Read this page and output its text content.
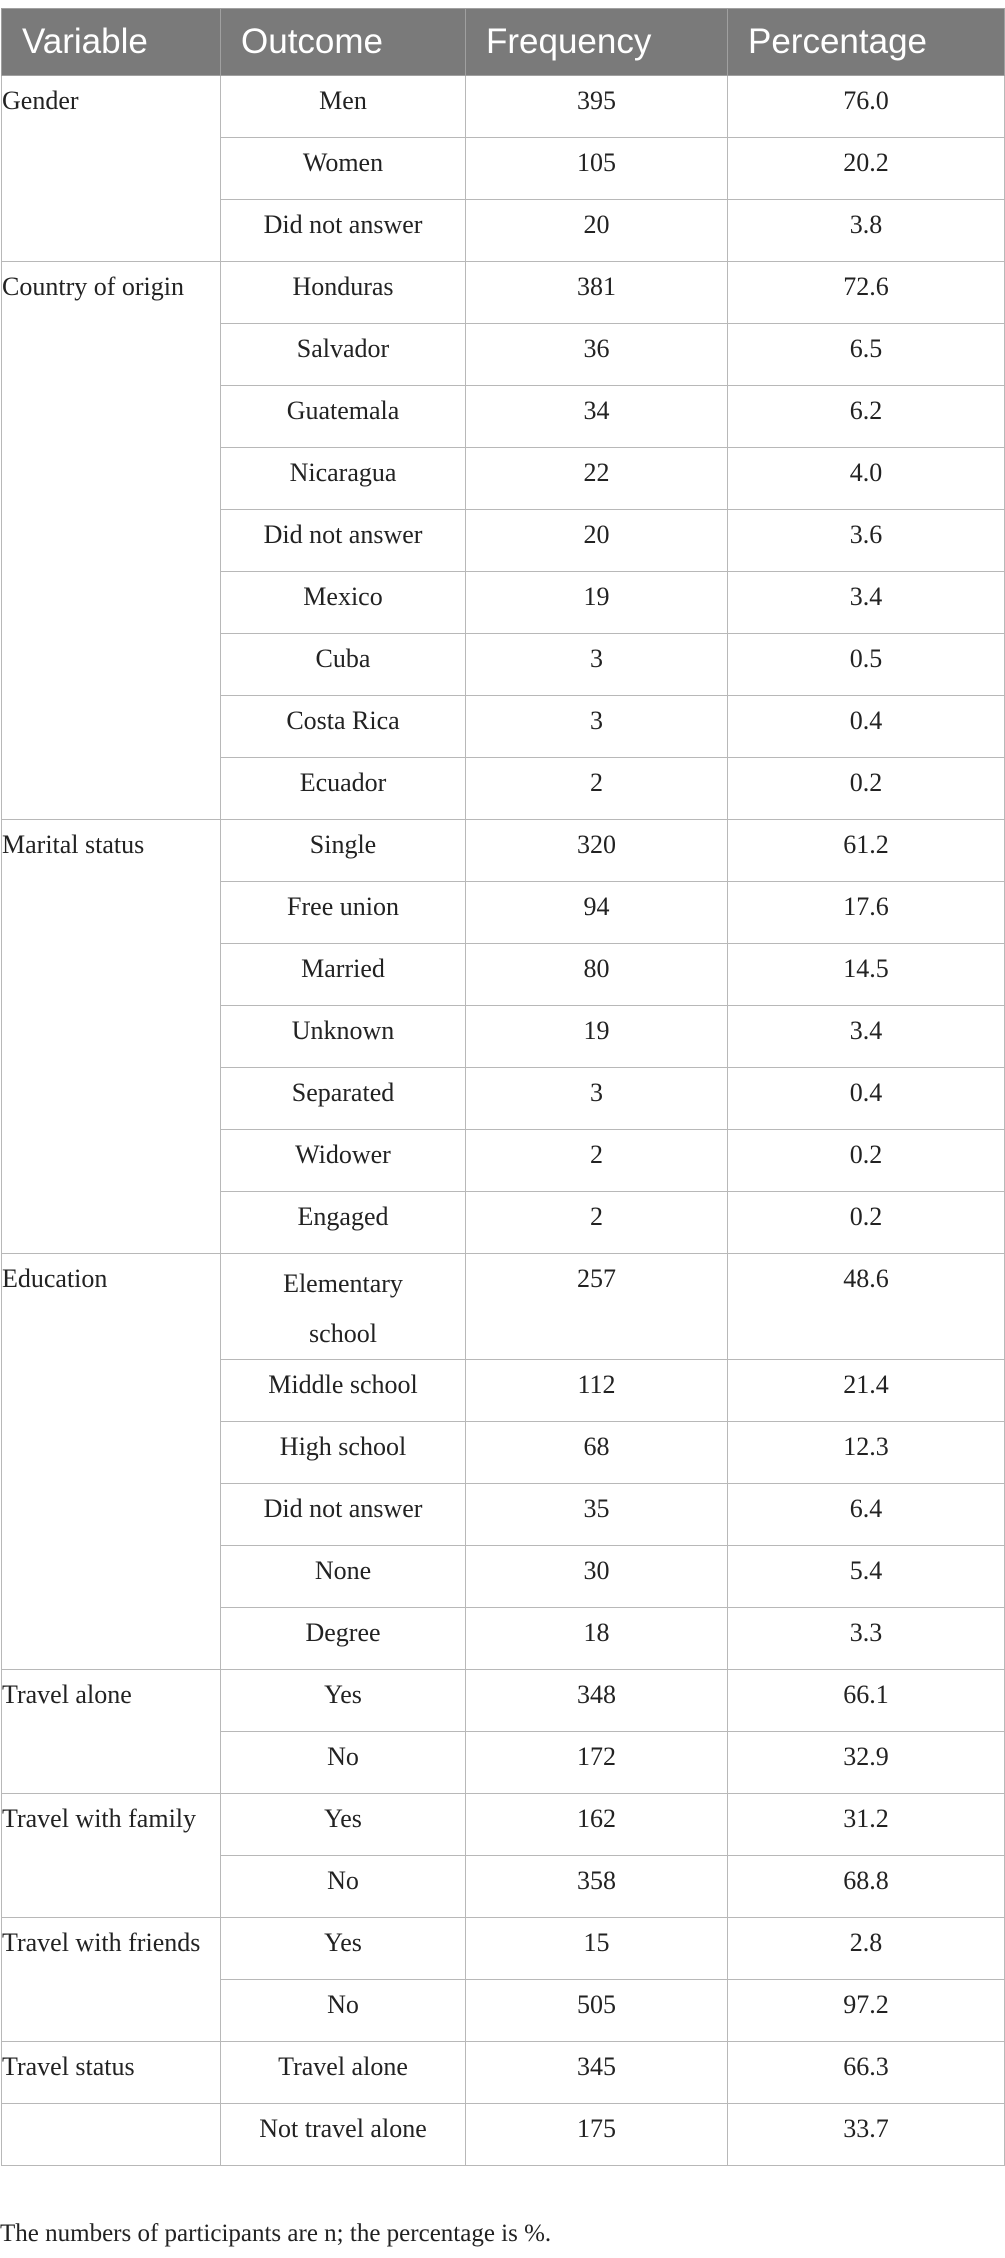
Variable	Outcome	Frequency	Percentage
Gender	Men	395	76.0
	Women	105	20.2
	Did not answer	20	3.8
Country of origin	Honduras	381	72.6
	Salvador	36	6.5
	Guatemala	34	6.2
	Nicaragua	22	4.0
	Did not answer	20	3.6
	Mexico	19	3.4
	Cuba	3	0.5
	Costa Rica	3	0.4
	Ecuador	2	0.2
Marital status	Single	320	61.2
	Free union	94	17.6
	Married	80	14.5
	Unknown	19	3.4
	Separated	3	0.4
	Widower	2	0.2
	Engaged	2	0.2
Education	Elementary school	257	48.6
	Middle school	112	21.4
	High school	68	12.3
	Did not answer	35	6.4
	None	30	5.4
	Degree	18	3.3
Travel alone	Yes	348	66.1
	No	172	32.9
Travel with family	Yes	162	31.2
	No	358	68.8
Travel with friends	Yes	15	2.8
	No	505	97.2
Travel status	Travel alone	345	66.3
	Not travel alone	175	33.7
The numbers of participants are n; the percentage is %.
